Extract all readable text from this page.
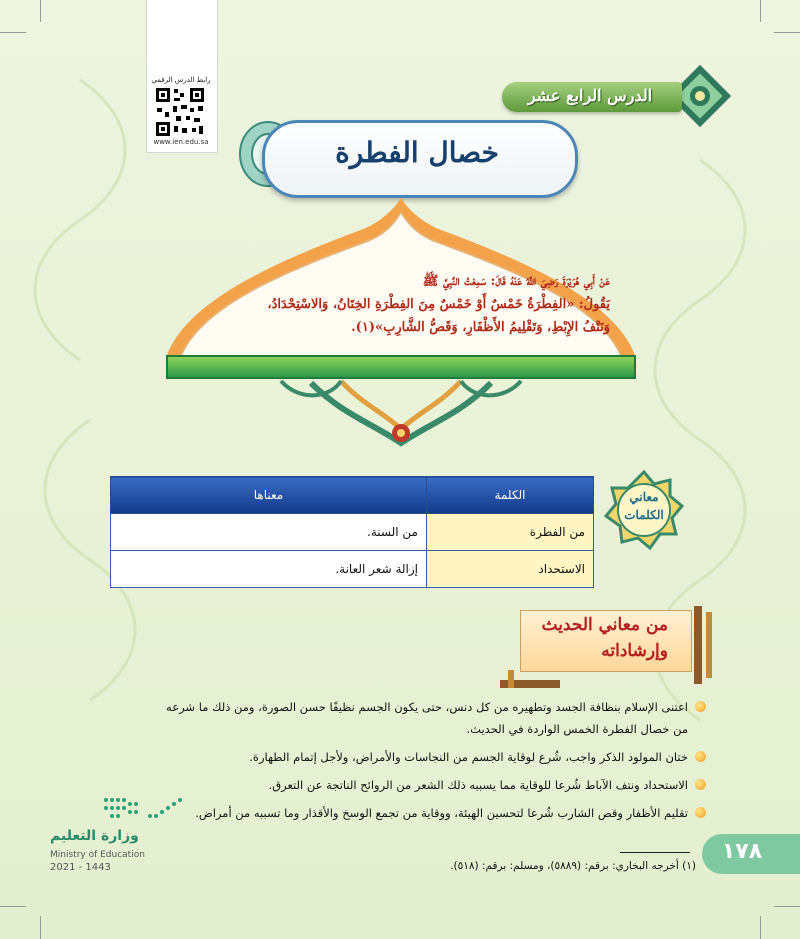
رابط الدرس الرقمي
www.ien.edu.sa
الدرس الرابع عشر
خصال الفطرة
عَنْ أَبِي هُرَيْرَةَ رَضِيَ اللَّهُ عَنْهُ قَالَ: سَمِعْتُ النَّبِيَّ ﷺ
يَقُولُ: «الفِطْرَةُ خَمْسٌ أَوْ خَمْسٌ مِنَ الفِطْرَةِ الخِتَانُ، وَالاسْتِحْدَادُ،
وَنَتْفُ الإِبْطِ، وَتَقْلِيمُ الأَظْفَارِ، وَقَصُّ الشَّارِبِ»(١).
معاني
الكلمات
الكلمة	معناها
من الفطرة	من السنة.
الاستحداد	إزالة شعر العانة.
من معاني الحديث
وإرشاداته
اعتنى الإسلام بنظافة الجسد وتطهيره من كل دنس، حتى يكون الجسم نظيفًا حسن الصورة، ومن ذلك ما شرعه
من خصال الفطرة الخمس الواردة في الحديث.
ختان المولود الذكر واجب، شُرع لوقاية الجسم من النجاسات والأمراض، ولأجل إتمام الطهارة.
الاستحداد ونتف الآباط شُرعا للوقاية مما يسببه ذلك الشعر من الروائح الناتجة عن التعرق.
تقليم الأظفار وقص الشارب شُرعا لتحسين الهيئة، ووقاية من تجمع الوسخ والأقذار وما تسببه من أمراض.
وزارة التعليم
Ministry of Education
2021 - 1443
١٧٨
(١) أخرجه البخاري: برقم: (٥٨٨٩)، ومسلم: برقم: (٥١٨).
